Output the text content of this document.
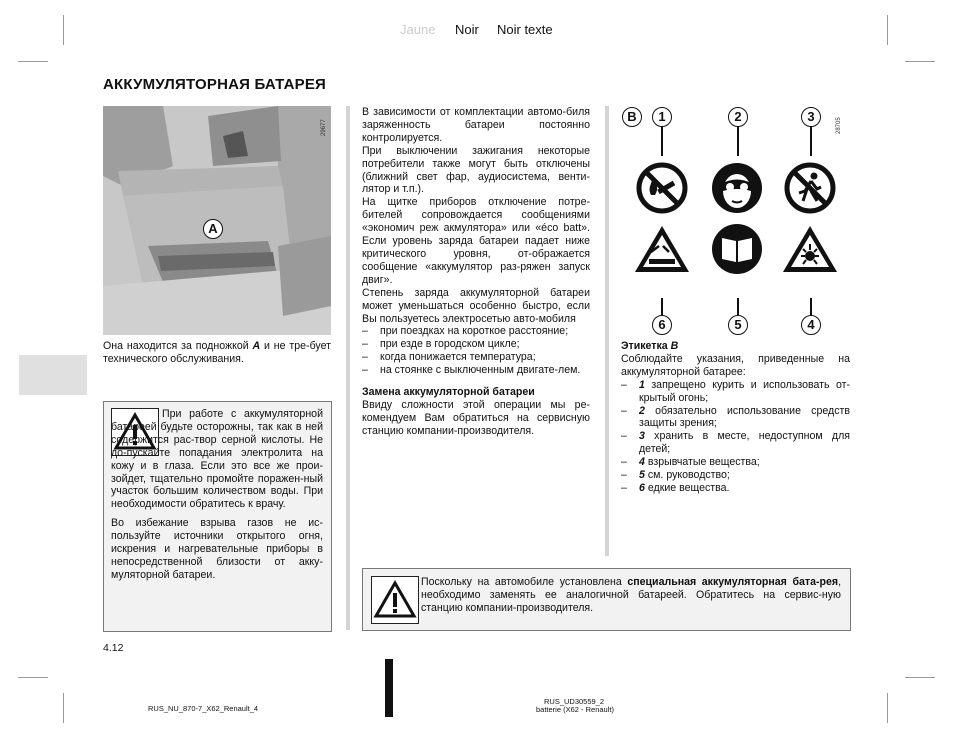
Jaune Noir Noir texte
АККУМУЛЯТОРНАЯ БАТАРЕЯ
29677
A

Она находится за подножкой A и не тре-бует технического обслуживания.

При работе с аккумуляторной батареей будьте осторожны, так как в ней содержится рас-твор серной кислоты. Не до-пускайте попадания электролита на кожу и в глаза. Если это все же прои-зойдет, тщательно промойте поражен-ный участок большим количеством воды. При необходимости обратитесь к врачу.

Во избежание взрыва газов не ис-пользуйте источники открытого огня, искрения и нагревательные приборы в непосредственной близости от акку-муляторной батареи.

В зависимости от комплектации автомо-биля заряженность батареи постоянно контролируется.

При выключении зажигания некоторые потребители также могут быть отключены (ближний свет фар, аудиосистема, венти-лятор и т.п.).

На щитке приборов отключение потре-бителей сопровождается сообщениями «экономич реж акмулятора» или «éco batt». Если уровень заряда батареи падает ниже критического уровня, от-ображается сообщение «аккумулятор раз-ряжен запуск двиг».

Степень заряда аккумуляторной батареи может уменьшаться особенно быстро, если Вы пользуетесь электросетью авто-мобиля

–	при поездках на короткое расстояние;
–	при езде в городском цикле;
–	когда понижается температура;
–	на стоянке с выключенным двигате-лем.

Замена аккумуляторной батареи

Ввиду сложности этой операции мы ре-комендуем Вам обратиться на сервисную станцию компании-производителя.

28705
B	1	2	3
6	5	4

Этикетка B

Соблюдайте указания, приведенные на аккумуляторной батарее:

–	1 запрещено курить и использовать от-крытый огонь;
–	2 обязательно использование средств защиты зрения;
–	3 хранить в месте, недоступном для детей;
–	4 взрывчатые вещества;
–	5 см. руководство;
–	6 едкие вещества.

Поскольку на автомобиле установлена специальная аккумуляторная бата-рея, необходимо заменять ее аналогичной батареей. Обратитесь на сервис-ную станцию компании-производителя.

4.12
RUS_NU_870-7_X62_Renault_4
RUS_UD30559_2
batterie (X62 - Renault)
